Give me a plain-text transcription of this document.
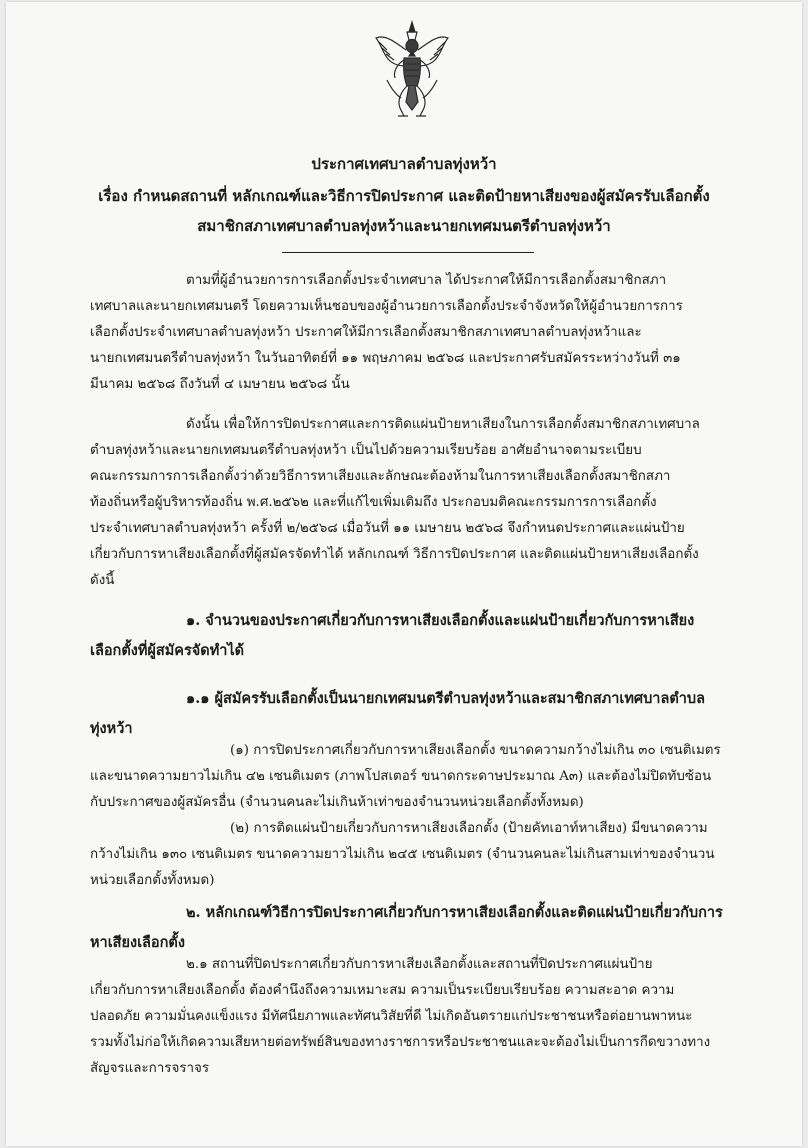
ประกาศเทศบาลตำบลทุ่งหว้า
เรื่อง กำหนดสถานที่ หลักเกณฑ์และวิธีการปิดประกาศ และติดป้ายหาเสียงของผู้สมัครรับเลือกตั้ง
สมาชิกสภาเทศบาลตำบลทุ่งหว้าและนายกเทศมนตรีตำบลทุ่งหว้า
ตามที่ผู้อำนวยการการเลือกตั้งประจำเทศบาล ได้ประกาศให้มีการเลือกตั้งสมาชิกสภา
เทศบาลและนายกเทศมนตรี โดยความเห็นชอบของผู้อำนวยการเลือกตั้งประจำจังหวัดให้ผู้อำนวยการการ
เลือกตั้งประจำเทศบาลตำบลทุ่งหว้า ประกาศให้มีการเลือกตั้งสมาชิกสภาเทศบาลตำบลทุ่งหว้าและ
นายกเทศมนตรีตำบลทุ่งหว้า ในวันอาทิตย์ที่ ๑๑ พฤษภาคม ๒๕๖๘ และประกาศรับสมัครระหว่างวันที่ ๓๑
มีนาคม ๒๕๖๘ ถึงวันที่ ๔ เมษายน ๒๕๖๘ นั้น
ดังนั้น เพื่อให้การปิดประกาศและการติดแผ่นป้ายหาเสียงในการเลือกตั้งสมาชิกสภาเทศบาล
ตำบลทุ่งหว้าและนายกเทศมนตรีตำบลทุ่งหว้า เป็นไปด้วยความเรียบร้อย อาศัยอำนาจตามระเบียบ
คณะกรรมการการเลือกตั้งว่าด้วยวิธีการหาเสียงและลักษณะต้องห้ามในการหาเสียงเลือกตั้งสมาชิกสภา
ท้องถิ่นหรือผู้บริหารท้องถิ่น พ.ศ.๒๕๖๒ และที่แก้ไขเพิ่มเติมถึง ประกอบมติคณะกรรมการการเลือกตั้ง
ประจำเทศบาลตำบลทุ่งหว้า ครั้งที่ ๒/๒๕๖๘ เมื่อวันที่ ๑๑ เมษายน ๒๕๖๘ จึงกำหนดประกาศและแผ่นป้าย
เกี่ยวกับการหาเสียงเลือกตั้งที่ผู้สมัครจัดทำได้ หลักเกณฑ์ วิธีการปิดประกาศ และติดแผ่นป้ายหาเสียงเลือกตั้ง
ดังนี้
๑. จำนวนของประกาศเกี่ยวกับการหาเสียงเลือกตั้งและแผ่นป้ายเกี่ยวกับการหาเสียง
เลือกตั้งที่ผู้สมัครจัดทำได้
๑.๑ ผู้สมัครรับเลือกตั้งเป็นนายกเทศมนตรีตำบลทุ่งหว้าและสมาชิกสภาเทศบาลตำบล
ทุ่งหว้า
(๑) การปิดประกาศเกี่ยวกับการหาเสียงเลือกตั้ง ขนาดความกว้างไม่เกิน ๓๐ เซนติเมตร
และขนาดความยาวไม่เกิน ๔๒ เซนติเมตร (ภาพโปสเตอร์ ขนาดกระดาษประมาณ A๓) และต้องไม่ปิดทับซ้อน
กับประกาศของผู้สมัครอื่น (จำนวนคนละไม่เกินห้าเท่าของจำนวนหน่วยเลือกตั้งทั้งหมด)
(๒) การติดแผ่นป้ายเกี่ยวกับการหาเสียงเลือกตั้ง (ป้ายคัทเอาท์หาเสียง) มีขนาดความ
กว้างไม่เกิน ๑๓๐ เซนติเมตร ขนาดความยาวไม่เกิน ๒๔๕ เซนติเมตร (จำนวนคนละไม่เกินสามเท่าของจำนวน
หน่วยเลือกตั้งทั้งหมด)
๒. หลักเกณฑ์วิธีการปิดประกาศเกี่ยวกับการหาเสียงเลือกตั้งและติดแผ่นป้ายเกี่ยวกับการ
หาเสียงเลือกตั้ง
๒.๑ สถานที่ปิดประกาศเกี่ยวกับการหาเสียงเลือกตั้งและสถานที่ปิดประกาศแผ่นป้าย
เกี่ยวกับการหาเสียงเลือกตั้ง ต้องคำนึงถึงความเหมาะสม ความเป็นระเบียบเรียบร้อย ความสะอาด ความ
ปลอดภัย ความมั่นคงแข็งแรง มีทัศนียภาพและทัศนวิสัยที่ดี ไม่เกิดอันตรายแก่ประชาชนหรือต่อยานพาหนะ
รวมทั้งไม่ก่อให้เกิดความเสียหายต่อทรัพย์สินของทางราชการหรือประชาชนและจะต้องไม่เป็นการกีดขวางทาง
สัญจรและการจราจร
